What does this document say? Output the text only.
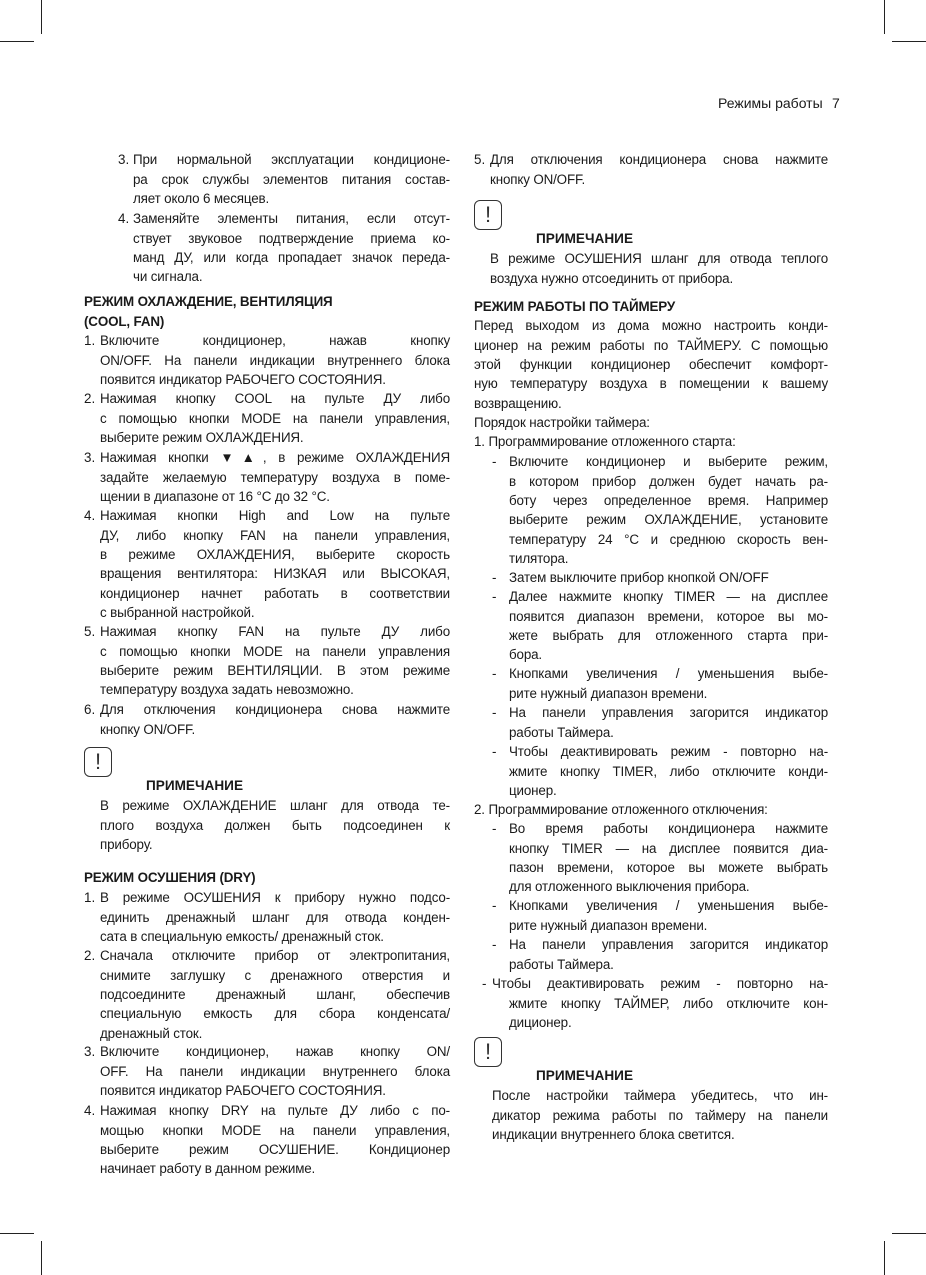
Режимы работы 7
3. При нормальной эксплуатации кондиционе-
ра срок службы элементов питания состав-
ляет около 6 месяцев.
4. Заменяйте элементы питания, если отсут-
ствует звуковое подтверждение приема ко-
манд ДУ, или когда пропадает значок переда-
чи сигнала.
РЕЖИМ ОХЛАЖДЕНИЕ, ВЕНТИЛЯЦИЯ
(COOL, FAN)
1. Включите кондиционер, нажав кнопку
ON/OFF. На панели индикации внутреннего блока
появится индикатор РАБОЧЕГО СОСТОЯНИЯ.
2. Нажимая кнопку COOL на пульте ДУ либо
с помощью кнопки MODE на панели управления,
выберите режим ОХЛАЖДЕНИЯ.
3. Нажимая кнопки ▼▲, в режиме ОХЛАЖДЕНИЯ
задайте желаемую температуру воздуха в поме-
щении в диапазоне от 16 °С до 32 °С.
4. Нажимая кнопки High and Low на пульте
ДУ, либо кнопку FAN на панели управления,
в режиме ОХЛАЖДЕНИЯ, выберите скорость
вращения вентилятора: НИЗКАЯ или ВЫСОКАЯ,
кондиционер начнет работать в соответствии
с выбранной настройкой.
5. Нажимая кнопку FAN на пульте ДУ либо
с помощью кнопки MODE на панели управления
выберите режим ВЕНТИЛЯЦИИ. В этом режиме
температуру воздуха задать невозможно.
6. Для отключения кондиционера снова нажмите
кнопку ON/OFF.
!
ПРИМЕЧАНИЕ
В режиме ОХЛАЖДЕНИЕ шланг для отвода те-
плого воздуха должен быть подсоединен к
прибору.
РЕЖИМ ОСУШЕНИЯ (DRY)
1. В режиме ОСУШЕНИЯ к прибору нужно подсо-
единить дренажный шланг для отвода конден-
сата в специальную емкость/ дренажный сток.
2. Сначала отключите прибор от электропитания,
снимите заглушку с дренажного отверстия и
подсоедините дренажный шланг, обеспечив
специальную емкость для сбора конденсата/
дренажный сток.
3. Включите кондиционер, нажав кнопку ON/
OFF. На панели индикации внутреннего блока
появится индикатор РАБОЧЕГО СОСТОЯНИЯ.
4. Нажимая кнопку DRY на пульте ДУ либо с по-
мощью кнопки MODE на панели управления,
выберите режим ОСУШЕНИЕ. Кондиционер
начинает работу в данном режиме.
5. Для отключения кондиционера снова нажмите
кнопку ON/OFF.
!
ПРИМЕЧАНИЕ
В режиме ОСУШЕНИЯ шланг для отвода теплого
воздуха нужно отсоединить от прибора.
РЕЖИМ РАБОТЫ ПО ТАЙМЕРУ
Перед выходом из дома можно настроить конди-
ционер на режим работы по ТАЙМЕРУ. С помощью
этой функции кондиционер обеспечит комфорт-
ную температуру воздуха в помещении к вашему
возвращению.
Порядок настройки таймера:
1. Программирование отложенного старта:
- Включите кондиционер и выберите режим,
в котором прибор должен будет начать ра-
боту через определенное время. Например
выберите режим ОХЛАЖДЕНИЕ, установите
температуру 24 °С и среднюю скорость вен-
тилятора.
- Затем выключите прибор кнопкой ON/OFF
- Далее нажмите кнопку TIMER — на дисплее
появится диапазон времени, которое вы мо-
жете выбрать для отложенного старта при-
бора.
- Кнопками увеличения / уменьшения выбе-
рите нужный диапазон времени.
- На панели управления загорится индикатор
работы Таймера.
- Чтобы деактивировать режим - повторно на-
жмите кнопку TIMER, либо отключите конди-
ционер.
2. Программирование отложенного отключения:
- Во время работы кондиционера нажмите
кнопку TIMER — на дисплее появится диа-
пазон времени, которое вы можете выбрать
для отложенного выключения прибора.
- Кнопками увеличения / уменьшения выбе-
рите нужный диапазон времени.
- На панели управления загорится индикатор
работы Таймера.
- Чтобы деактивировать режим - повторно на-
жмите кнопку ТАЙМЕР, либо отключите кон-
диционер.
!
ПРИМЕЧАНИЕ
После настройки таймера убедитесь, что ин-
дикатор режима работы по таймеру на панели
индикации внутреннего блока светится.
